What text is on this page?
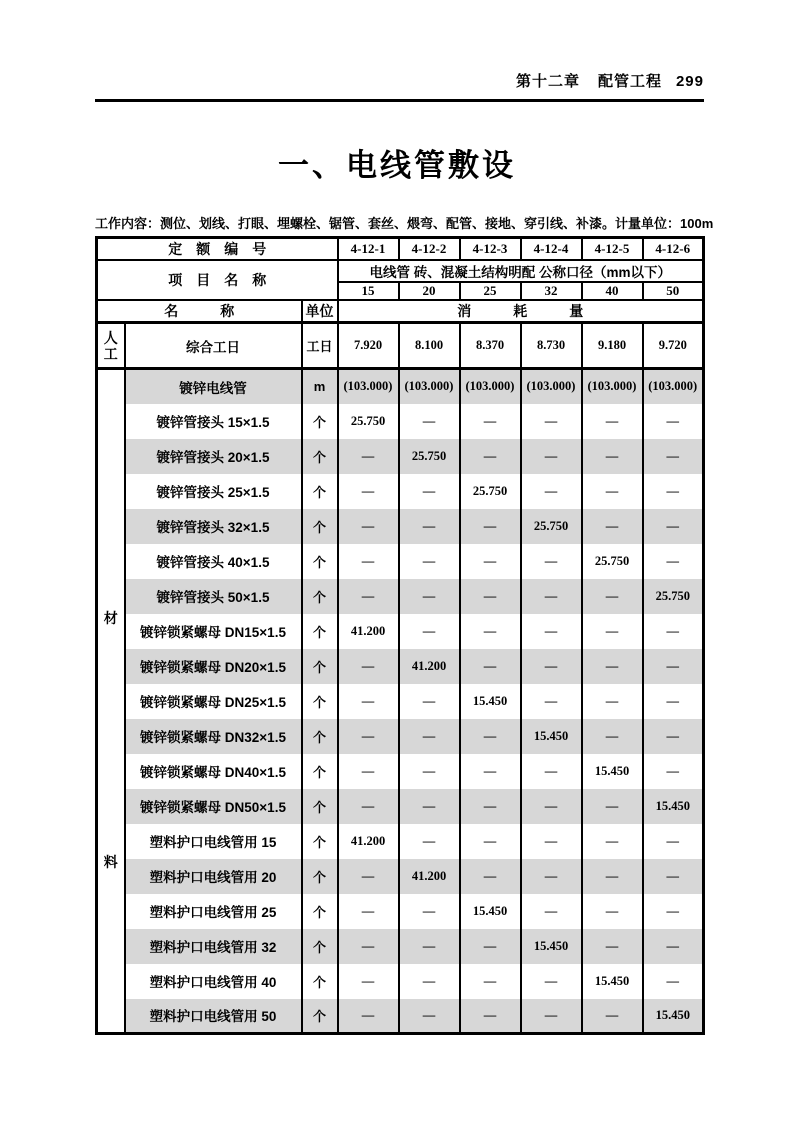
第十二章 配管工程 299
一、电线管敷设
工作内容：测位、划线、打眼、埋螺栓、锯管、套丝、煨弯、配管、接地、穿引线、补漆。 计量单位：100m
定　额　编　号			4-12-1	4-12-2	4-12-3	4-12-4	4-12-5	4-12-6
项　目　名　称			电线管 砖、混凝土结构明配 公称口径（mm以下）					
			15	20	25	32	40	50
名　　　称		单位	消　　　耗　　　量					

人
工	综合工日	工日	7.920	8.100	8.370	8.730	9.180	9.720

材
料	镀锌电线管	m	(103.000)	(103.000)	(103.000)	(103.000)	(103.000)	(103.000)
	镀锌管接头 15×1.5	个	25.750	—	—	—	—	—
	镀锌管接头 20×1.5	个	—	25.750	—	—	—	—
	镀锌管接头 25×1.5	个	—	—	25.750	—	—	—
	镀锌管接头 32×1.5	个	—	—	—	25.750	—	—
	镀锌管接头 40×1.5	个	—	—	—	—	25.750	—
	镀锌管接头 50×1.5	个	—	—	—	—	—	25.750
	镀锌锁紧螺母 DN15×1.5	个	41.200	—	—	—	—	—
	镀锌锁紧螺母 DN20×1.5	个	—	41.200	—	—	—	—
	镀锌锁紧螺母 DN25×1.5	个	—	—	15.450	—	—	—
	镀锌锁紧螺母 DN32×1.5	个	—	—	—	15.450	—	—
	镀锌锁紧螺母 DN40×1.5	个	—	—	—	—	15.450	—
	镀锌锁紧螺母 DN50×1.5	个	—	—	—	—	—	15.450
	塑料护口电线管用 15	个	41.200	—	—	—	—	—
	塑料护口电线管用 20	个	—	41.200	—	—	—	—
	塑料护口电线管用 25	个	—	—	15.450	—	—	—
	塑料护口电线管用 32	个	—	—	—	15.450	—	—
	塑料护口电线管用 40	个	—	—	—	—	15.450	—
	塑料护口电线管用 50	个	—	—	—	—	—	15.450
